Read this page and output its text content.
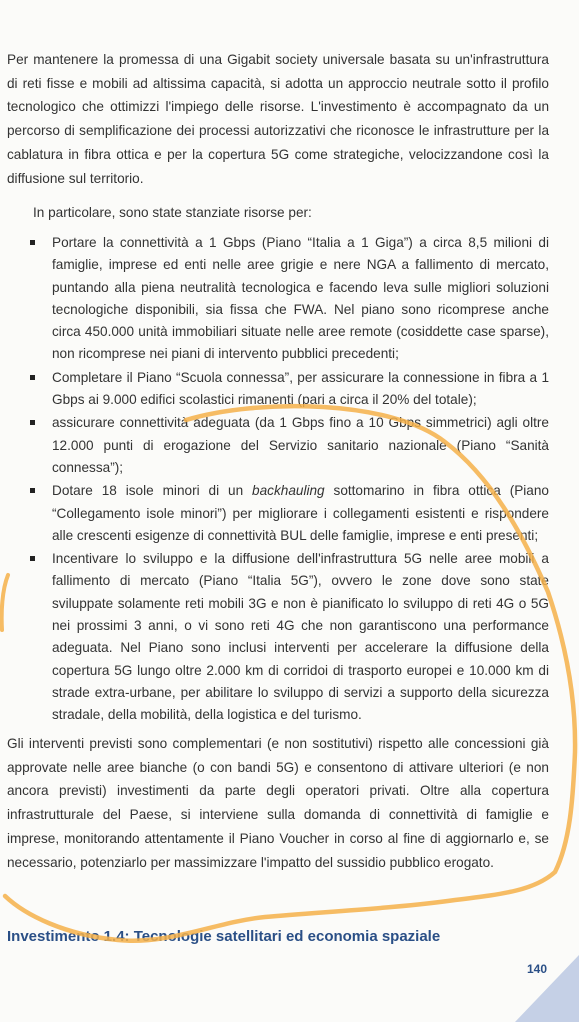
Per mantenere la promessa di una Gigabit society universale basata su un'infrastruttura di reti fisse e mobili ad altissima capacità, si adotta un approccio neutrale sotto il profilo tecnologico che ottimizzi l'impiego delle risorse. L'investimento è accompagnato da un percorso di semplificazione dei processi autorizzativi che riconosce le infrastrutture per la cablatura in fibra ottica e per la copertura 5G come strategiche, velocizzandone così la diffusione sul territorio.
In particolare, sono state stanziate risorse per:
Portare la connettività a 1 Gbps (Piano “Italia a 1 Giga”) a circa 8,5 milioni di famiglie, imprese ed enti nelle aree grigie e nere NGA a fallimento di mercato, puntando alla piena neutralità tecnologica e facendo leva sulle migliori soluzioni tecnologiche disponibili, sia fissa che FWA. Nel piano sono ricomprese anche circa 450.000 unità immobiliari situate nelle aree remote (cosiddette case sparse), non ricomprese nei piani di intervento pubblici precedenti;
Completare il Piano “Scuola connessa”, per assicurare la connessione in fibra a 1 Gbps ai 9.000 edifici scolastici rimanenti (pari a circa il 20% del totale);
assicurare connettività adeguata (da 1 Gbps fino a 10 Gbps simmetrici) agli oltre 12.000 punti di erogazione del Servizio sanitario nazionale (Piano “Sanità connessa”);
Dotare 18 isole minori di un backhauling sottomarino in fibra ottica (Piano “Collegamento isole minori”) per migliorare i collegamenti esistenti e rispondere alle crescenti esigenze di connettività BUL delle famiglie, imprese e enti presenti;
Incentivare lo sviluppo e la diffusione dell'infrastruttura 5G nelle aree mobili a fallimento di mercato (Piano “Italia 5G”), ovvero le zone dove sono state sviluppate solamente reti mobili 3G e non è pianificato lo sviluppo di reti 4G o 5G nei prossimi 3 anni, o vi sono reti 4G che non garantiscono una performance adeguata. Nel Piano sono inclusi interventi per accelerare la diffusione della copertura 5G lungo oltre 2.000 km di corridoi di trasporto europei e 10.000 km di strade extra-urbane, per abilitare lo sviluppo di servizi a supporto della sicurezza stradale, della mobilità, della logistica e del turismo.
Gli interventi previsti sono complementari (e non sostitutivi) rispetto alle concessioni già approvate nelle aree bianche (o con bandi 5G) e consentono di attivare ulteriori (e non ancora previsti) investimenti da parte degli operatori privati. Oltre alla copertura infrastrutturale del Paese, si interviene sulla domanda di connettività di famiglie e imprese, monitorando attentamente il Piano Voucher in corso al fine di aggiornarlo e, se necessario, potenziarlo per massimizzare l'impatto del sussidio pubblico erogato.
Investimento 1.4: Tecnologie satellitari ed economia spaziale
140
